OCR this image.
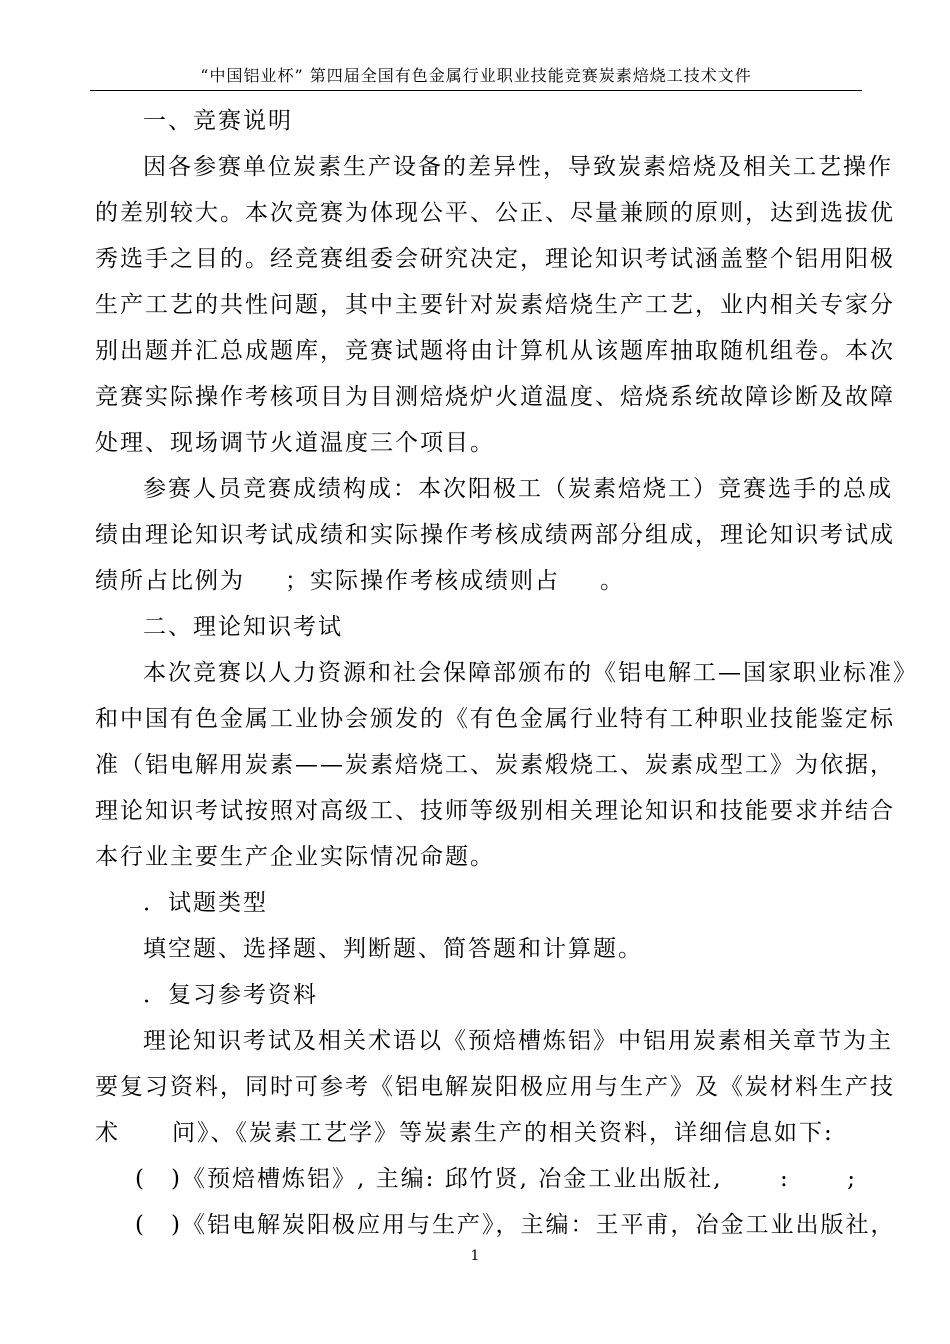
“中国铝业杯” 第四届全国有色金属行业职业技能竞赛炭素焙烧工技术文件
一、竞赛说明
因各参赛单位炭素生产设备的差异性，导致炭素焙烧及相关工艺操作
的差别较大。本次竞赛为体现公平、公正、尽量兼顾的原则，达到选拔优
秀选手之目的。经竞赛组委会研究决定，理论知识考试涵盖整个铝用阳极
生产工艺的共性问题，其中主要针对炭素焙烧生产工艺，业内相关专家分
别出题并汇总成题库，竞赛试题将由计算机从该题库抽取随机组卷。本次
竞赛实际操作考核项目为目测焙烧炉火道温度、焙烧系统故障诊断及故障
处理、现场调节火道温度三个项目。
参赛人员竞赛成绩构成：本次阳极工（炭素焙烧工）竞赛选手的总成
绩由理论知识考试成绩和实际操作考核成绩两部分组成，理论知识考试成
绩所占比例为 ；实际操作考核成绩则占 。
二、理论知识考试
本次竞赛以人力资源和社会保障部颁布的《铝电解工—国家职业标准》
和中国有色金属工业协会颁发的《有色金属行业特有工种职业技能鉴定标
准（铝电解用炭素——炭素焙烧工、炭素煅烧工、炭素成型工》为依据，
理论知识考试按照对高级工、技师等级别相关理论知识和技能要求并结合
本行业主要生产企业实际情况命题。
．试题类型
填空题、选择题、判断题、简答题和计算题。
．复习参考资料
理论知识考试及相关术语以《预焙槽炼铝》中铝用炭素相关章节为主
要复习资料，同时可参考《铝电解炭阳极应用与生产》及《炭材料生产技
术 问》、《炭素工艺学》等炭素生产的相关资料，详细信息如下:
(　)《预焙槽炼铝》, 主编: 邱竹贤, 冶金工业出版社, : ;
(　)《铝电解炭阳极应用与生产》，主编：王平甫，冶金工业出版社，
1
